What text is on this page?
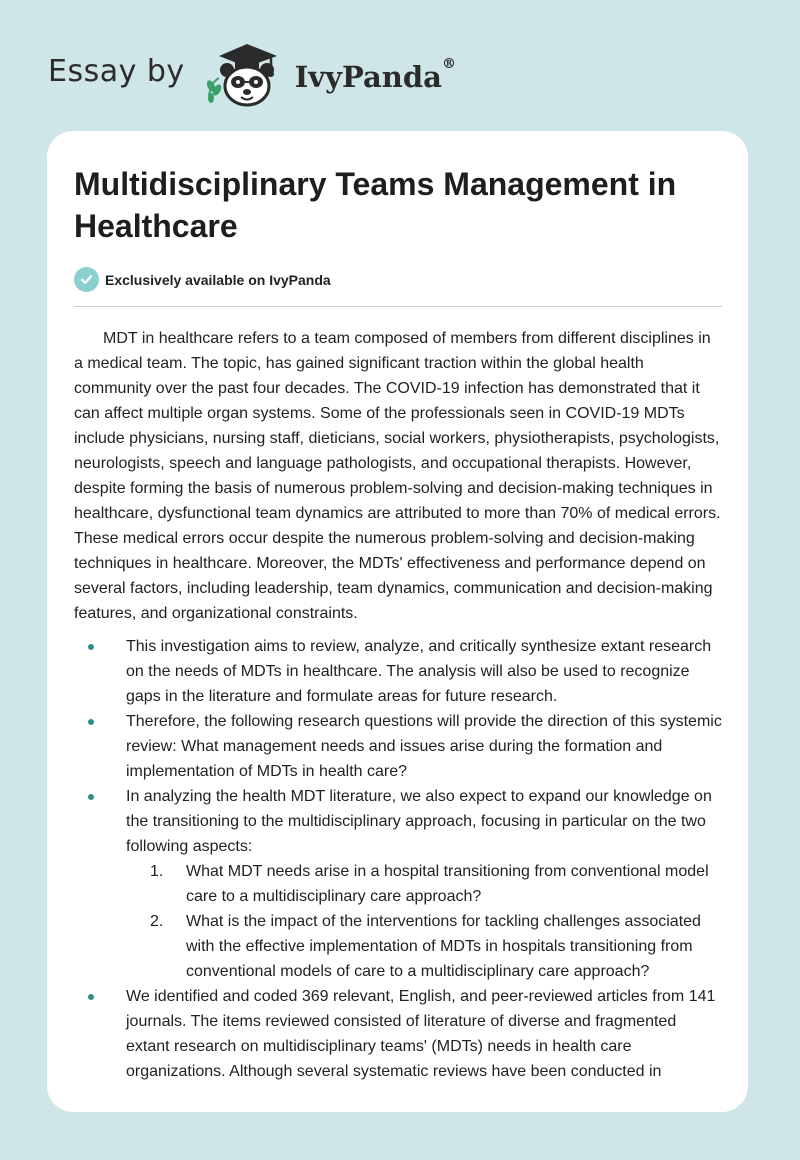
Essay by	IvyPanda®
Multidisciplinary Teams Management in Healthcare
Exclusively available on IvyPanda

MDT in healthcare refers to a team composed of members from different disciplines in a medical team. The topic, has gained significant traction within the global health community over the past four decades. The COVID-19 infection has demonstrated that it can affect multiple organ systems. Some of the professionals seen in COVID-19 MDTs include physicians, nursing staff, dieticians, social workers, physiotherapists, psychologists, neurologists, speech and language pathologists, and occupational therapists. However, despite forming the basis of numerous problem-solving and decision-making techniques in healthcare, dysfunctional team dynamics are attributed to more than 70% of medical errors. These medical errors occur despite the numerous problem-solving and decision-making techniques in healthcare. Moreover, the MDTs' effectiveness and performance depend on several factors, including leadership, team dynamics, communication and decision-making features, and organizational constraints.

This investigation aims to review, analyze, and critically synthesize extant research on the needs of MDTs in healthcare. The analysis will also be used to recognize gaps in the literature and formulate areas for future research.
Therefore, the following research questions will provide the direction of this systemic review: What management needs and issues arise during the formation and implementation of MDTs in health care?
In analyzing the health MDT literature, we also expect to expand our knowledge on the transitioning to the multidisciplinary approach, focusing in particular on the two following aspects:
1. What MDT needs arise in a hospital transitioning from conventional model care to a multidisciplinary care approach?
2. What is the impact of the interventions for tackling challenges associated with the effective implementation of MDTs in hospitals transitioning from conventional models of care to a multidisciplinary care approach?
We identified and coded 369 relevant, English, and peer-reviewed articles from 141 journals. The items reviewed consisted of literature of diverse and fragmented extant research on multidisciplinary teams' (MDTs) needs in health care organizations. Although several systematic reviews have been conducted in
